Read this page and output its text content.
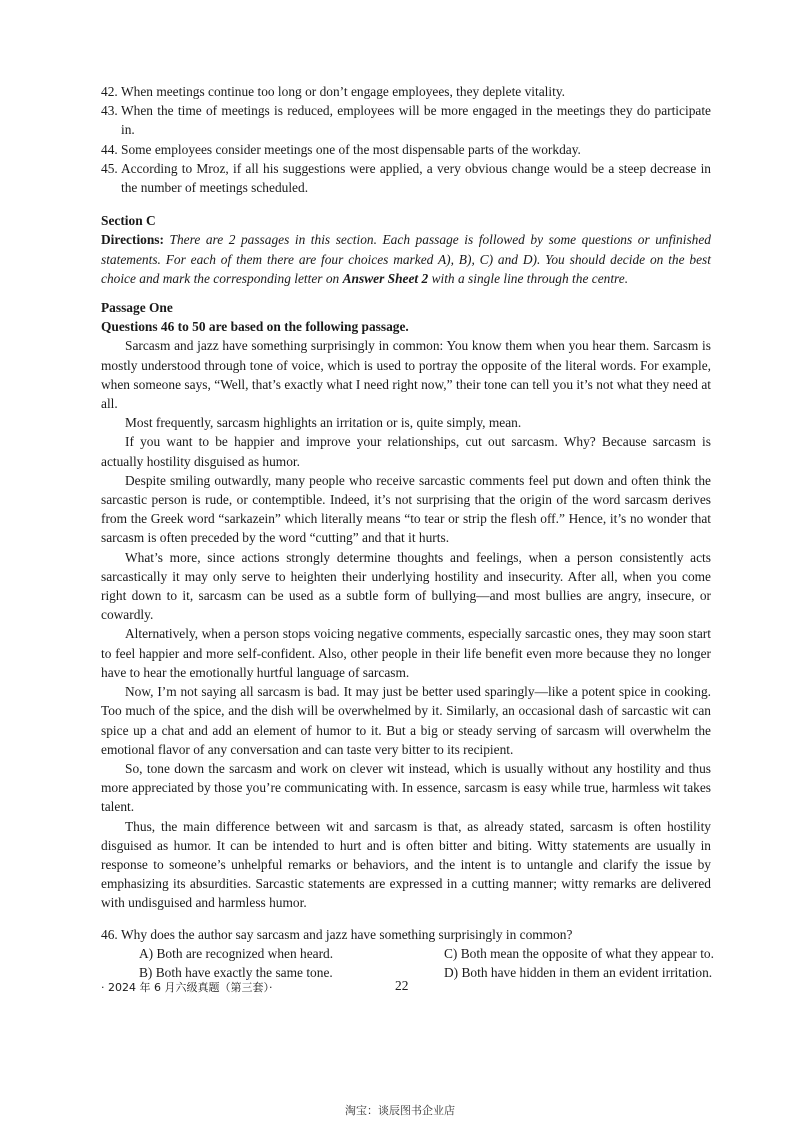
42. When meetings continue too long or don’t engage employees, they deplete vitality.
43. When the time of meetings is reduced, employees will be more engaged in the meetings they do participate in.
44. Some employees consider meetings one of the most dispensable parts of the workday.
45. According to Mroz, if all his suggestions were applied, a very obvious change would be a steep decrease in the number of meetings scheduled.
Section C
Directions: There are 2 passages in this section. Each passage is followed by some questions or unfinished statements. For each of them there are four choices marked A), B), C) and D). You should decide on the best choice and mark the corresponding letter on Answer Sheet 2 with a single line through the centre.
Passage One
Questions 46 to 50 are based on the following passage.

Sarcasm and jazz have something surprisingly in common: You know them when you hear them. Sarcasm is mostly understood through tone of voice, which is used to portray the opposite of the literal words. For example, when someone says, “Well, that’s exactly what I need right now,” their tone can tell you it’s not what they need at all.

Most frequently, sarcasm highlights an irritation or is, quite simply, mean.

If you want to be happier and improve your relationships, cut out sarcasm. Why? Because sarcasm is actually hostility disguised as humor.

Despite smiling outwardly, many people who receive sarcastic comments feel put down and often think the sarcastic person is rude, or contemptible. Indeed, it’s not surprising that the origin of the word sarcasm derives from the Greek word “sarkazein” which literally means “to tear or strip the flesh off.” Hence, it’s no wonder that sarcasm is often preceded by the word “cutting” and that it hurts.

What’s more, since actions strongly determine thoughts and feelings, when a person consistently acts sarcastically it may only serve to heighten their underlying hostility and insecurity. After all, when you come right down to it, sarcasm can be used as a subtle form of bullying—and most bullies are angry, insecure, or cowardly.

Alternatively, when a person stops voicing negative comments, especially sarcastic ones, they may soon start to feel happier and more self-confident. Also, other people in their life benefit even more because they no longer have to hear the emotionally hurtful language of sarcasm.

Now, I’m not saying all sarcasm is bad. It may just be better used sparingly—like a potent spice in cooking. Too much of the spice, and the dish will be overwhelmed by it. Similarly, an occasional dash of sarcastic wit can spice up a chat and add an element of humor to it. But a big or steady serving of sarcasm will overwhelm the emotional flavor of any conversation and can taste very bitter to its recipient.

So, tone down the sarcasm and work on clever wit instead, which is usually without any hostility and thus more appreciated by those you’re communicating with. In essence, sarcasm is easy while true, harmless wit takes talent.

Thus, the main difference between wit and sarcasm is that, as already stated, sarcasm is often hostility disguised as humor. It can be intended to hurt and is often bitter and biting. Witty statements are usually in response to someone’s unhelpful remarks or behaviors, and the intent is to untangle and clarify the issue by emphasizing its absurdities. Sarcastic statements are expressed in a cutting manner; witty remarks are delivered with undisguised and harmless humor.

46. Why does the author say sarcasm and jazz have something surprisingly in common?
A) Both are recognized when heard.	C) Both mean the opposite of what they appear to.
B) Both have exactly the same tone.	D) Both have hidden in them an evident irritation.
· 2024 年 6 月六级真题（第三套）·	22
淘宝：谈辰图书企业店
